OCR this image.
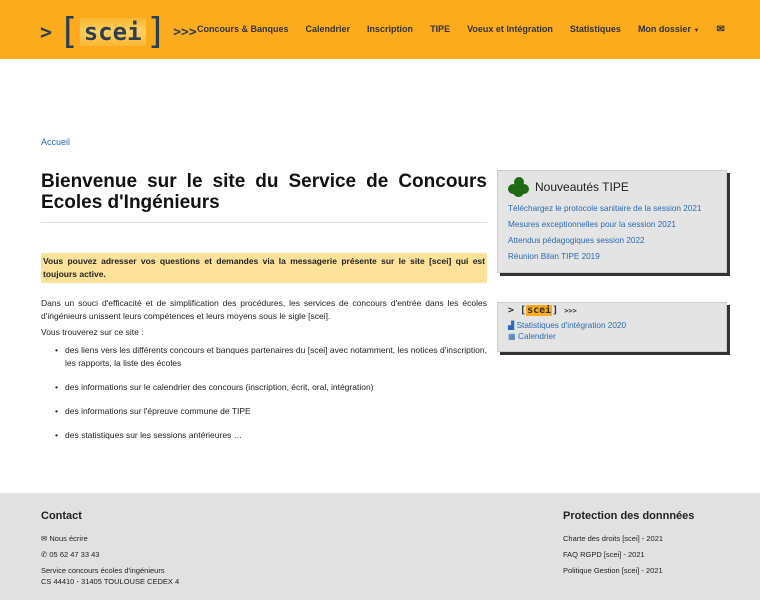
> [ scei ] >>> Concours & Banques Calendrier Inscription TIPE Voeux et Intégration Statistiques Mon dossier ▼ ✉
Accueil
Bienvenue sur le site du Service de Concours Ecoles d'Ingénieurs
Vous pouvez adresser vos questions et demandes via la messagerie présente sur le site [scei] qui est toujours active.

Dans un souci d'efficacité et de simplification des procédures, les services de concours d'entrée dans les écoles d'ingénieurs unissent leurs compétences et leurs moyens sous le sigle [scei].

Vous trouverez sur ce site :

• des liens vers les différents concours et banques partenaires du [scei] avec notamment, les notices d'inscription, les rapports, la liste des écoles
• des informations sur le calendrier des concours (inscription, écrit, oral, intégration)
• des informations sur l'épreuve commune de TIPE
• des statistiques sur les sessions antérieures …
Nouveautés TIPE
Téléchargez le protocole sanitaire de la session 2021
Mesures exceptionnelles pour la session 2021
Attendus pédagogiques session 2022
Réunion Bilan TIPE 2019
> [scei] >>>
▟ Statistiques d'intégration 2020
▦ Calendrier
Contact
✉ Nous écrire
✆ 05 62 47 33 43
Service concours écoles d'ingénieurs
CS 44410 - 31405 TOULOUSE CEDEX 4
Protection des donnnées
Charte des droits [scei] - 2021
FAQ RGPD [scei] - 2021
Politique Gestion [scei] - 2021
